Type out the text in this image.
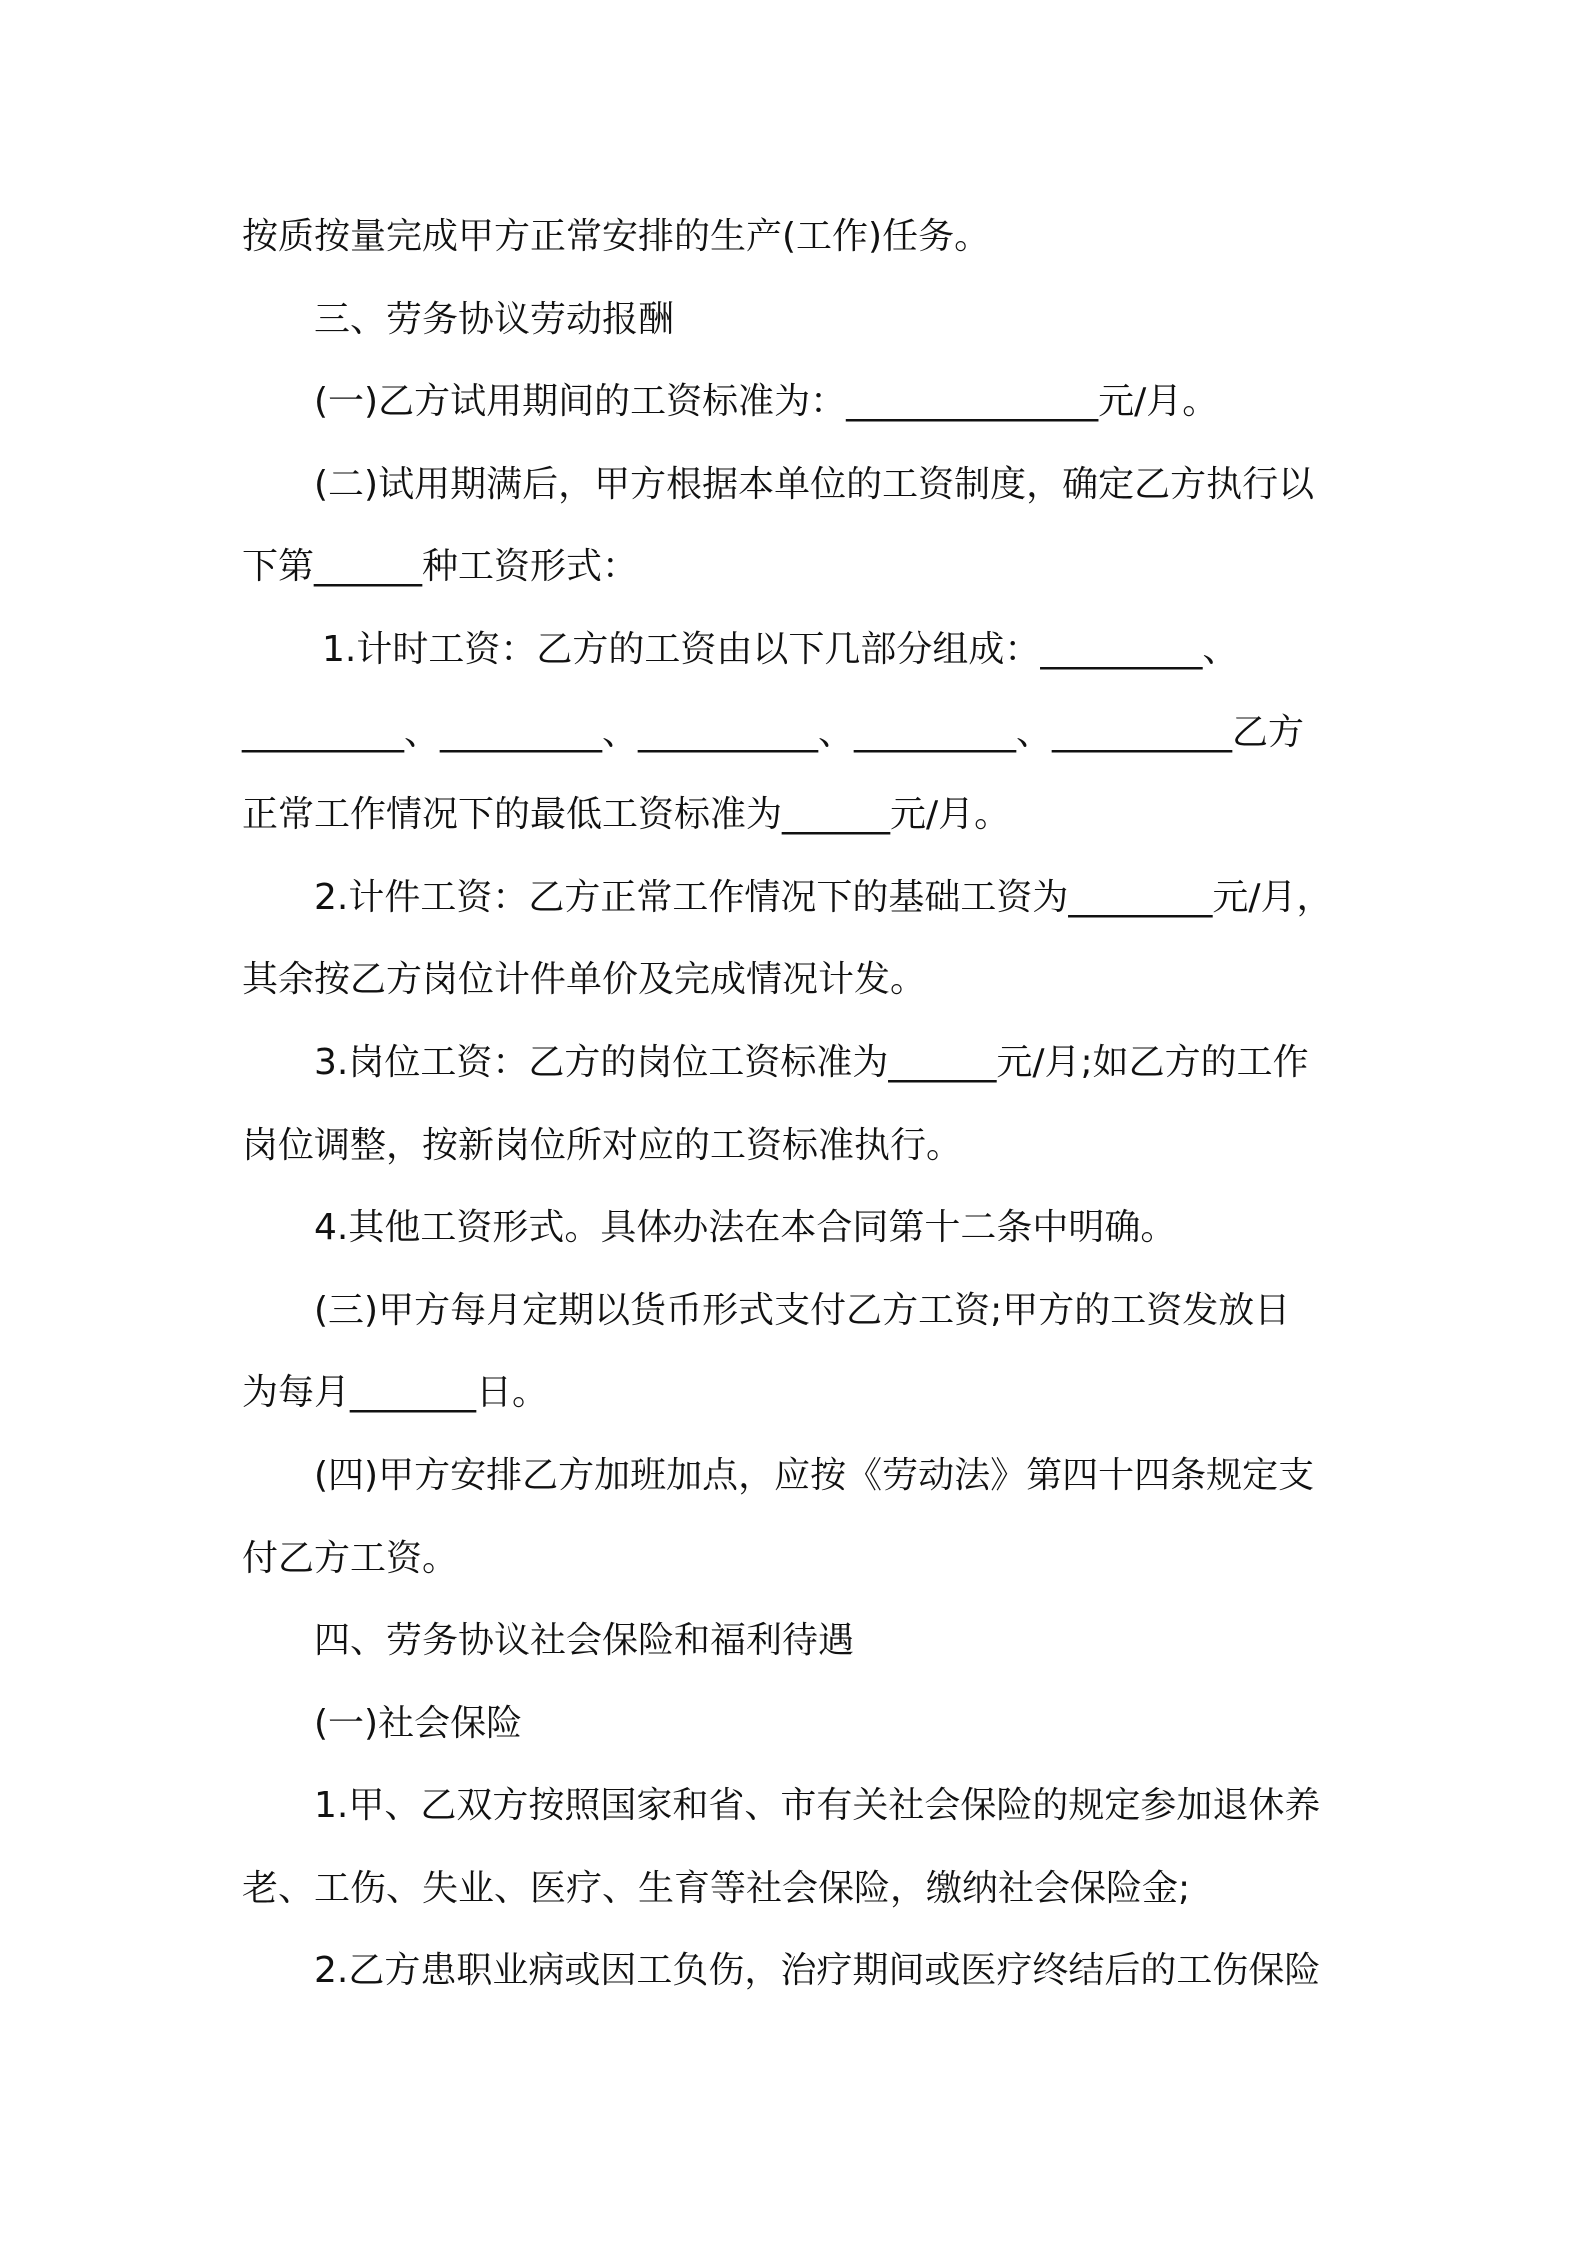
按质按量完成甲方正常安排的生产(工作)任务。
三、劳务协议劳动报酬
(一)乙方试用期间的工资标准为：______________元/月。
(二)试用期满后，甲方根据本单位的工资制度，确定乙方执行以
下第______种工资形式：
1.计时工资：乙方的工资由以下几部分组成：_________、
_________、_________、__________、_________、__________乙方
正常工作情况下的最低工资标准为______元/月。
2.计件工资：乙方正常工作情况下的基础工资为________元/月，
其余按乙方岗位计件单价及完成情况计发。
3.岗位工资：乙方的岗位工资标准为______元/月;如乙方的工作
岗位调整，按新岗位所对应的工资标准执行。
4.其他工资形式。具体办法在本合同第十二条中明确。
(三)甲方每月定期以货币形式支付乙方工资;甲方的工资发放日
为每月_______日。
(四)甲方安排乙方加班加点，应按《劳动法》第四十四条规定支
付乙方工资。
四、劳务协议社会保险和福利待遇
(一)社会保险
1.甲、乙双方按照国家和省、市有关社会保险的规定参加退休养
老、工伤、失业、医疗、生育等社会保险，缴纳社会保险金;
2.乙方患职业病或因工负伤，治疗期间或医疗终结后的工伤保险
